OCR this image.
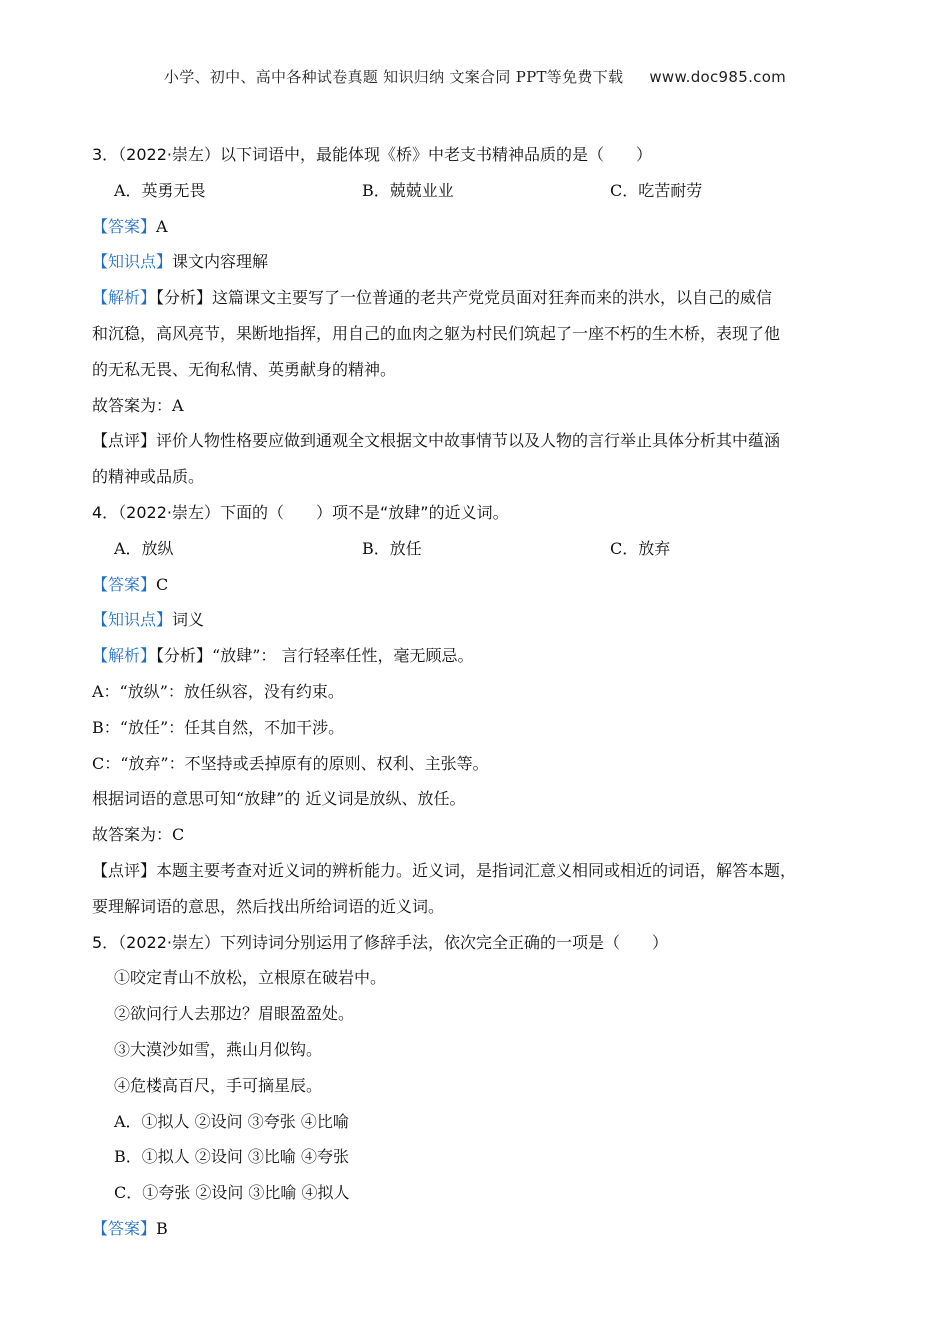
小学、初中、高中各种试卷真题 知识归纳 文案合同 PPT等免费下载 www.doc985.com
3．（2022·崇左）以下词语中，最能体现《桥》中老支书精神品质的是（　　）
A．英勇无畏	B．兢兢业业	C．吃苦耐劳
【答案】A
【知识点】课文内容理解
【解析】【分析】这篇课文主要写了一位普通的老共产党党员面对狂奔而来的洪水，以自己的威信
和沉稳，高风亮节，果断地指挥，用自己的血肉之躯为村民们筑起了一座不朽的生木桥，表现了他
的无私无畏、无徇私情、英勇献身的精神。
故答案为：A
【点评】评价人物性格要应做到通观全文根据文中故事情节以及人物的言行举止具体分析其中蕴涵
的精神或品质。
4．（2022·崇左）下面的（　　）项不是“放肆”的近义词。
A．放纵	B．放任	C．放弃
【答案】C
【知识点】词义
【解析】【分析】“放肆”： 言行轻率任性，毫无顾忌。
A：“放纵”：放任纵容，没有约束。
B：“放任”：任其自然，不加干涉。
C：“放弃”：不坚持或丢掉原有的原则、权利、主张等。
根据词语的意思可知“放肆”的 近义词是放纵、放任。
故答案为：C
【点评】本题主要考查对近义词的辨析能力。近义词，是指词汇意义相同或相近的词语，解答本题，
要理解词语的意思，然后找出所给词语的近义词。
5．（2022·崇左）下列诗词分别运用了修辞手法，依次完全正确的一项是（　　）
①咬定青山不放松，立根原在破岩中。
②欲问行人去那边？眉眼盈盈处。
③大漠沙如雪，燕山月似钩。
④危楼高百尺，手可摘星辰。
A．①拟人 ②设问 ③夸张 ④比喻
B．①拟人 ②设问 ③比喻 ④夸张
C．①夸张 ②设问 ③比喻 ④拟人
【答案】B
